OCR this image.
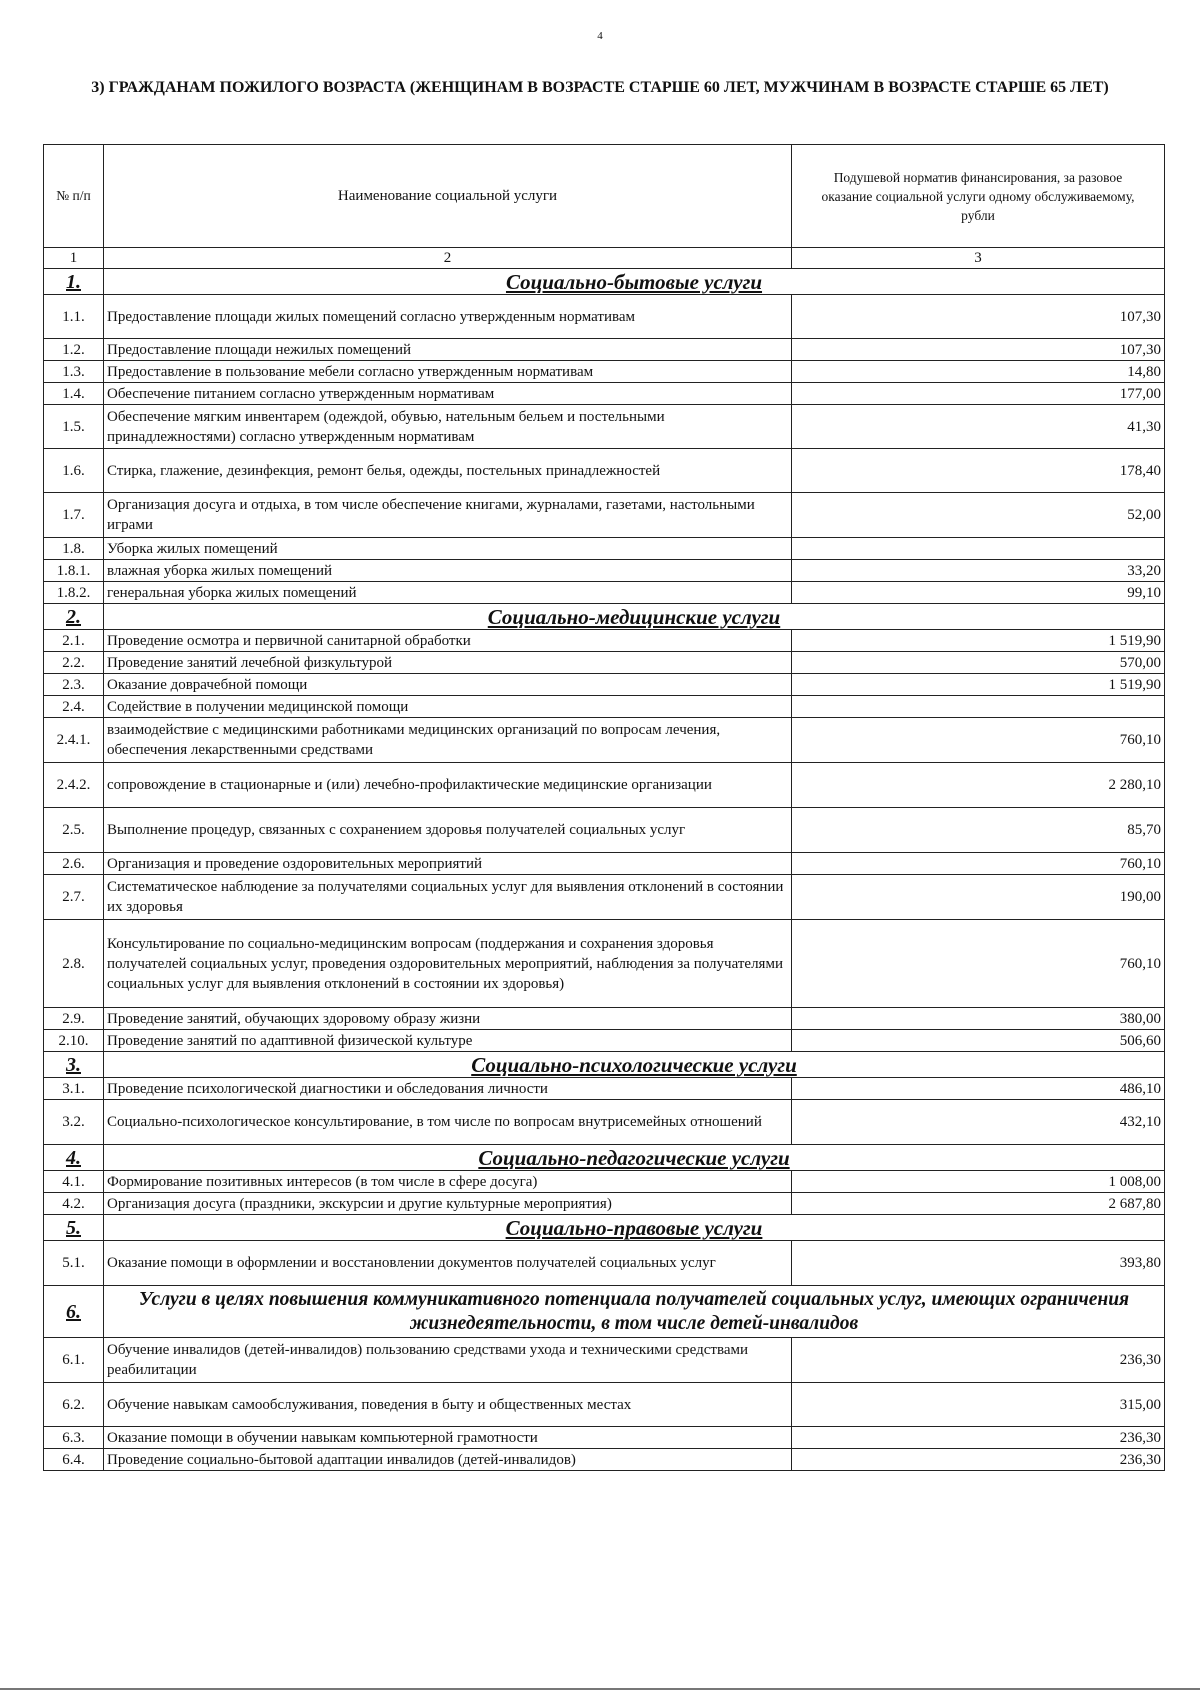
4
3) ГРАЖДАНАМ ПОЖИЛОГО ВОЗРАСТА (ЖЕНЩИНАМ В ВОЗРАСТЕ СТАРШЕ 60 ЛЕТ, МУЖЧИНАМ В ВОЗРАСТЕ СТАРШЕ 65 ЛЕТ)
№ п/п	Наименование социальной услуги	Подушевой норматив финансирования, за разовое оказание социальной услуги одному обслуживаемому, рубли
1	2	3
1.	Социально-бытовые услуги	
1.1.	Предоставление площади жилых помещений согласно утвержденным нормативам	107,30
1.2.	Предоставление площади нежилых помещений	107,30
1.3.	Предоставление в пользование мебели согласно утвержденным нормативам	14,80
1.4.	Обеспечение питанием согласно утвержденным нормативам	177,00
1.5.	Обеспечение мягким инвентарем (одеждой, обувью, нательным бельем и постельными принадлежностями) согласно утвержденным нормативам	41,30
1.6.	Стирка, глажение, дезинфекция, ремонт белья, одежды, постельных принадлежностей	178,40
1.7.	Организация досуга и отдыха, в том числе обеспечение книгами, журналами, газетами, настольными играми	52,00
1.8.	Уборка жилых помещений	
1.8.1.	влажная уборка жилых помещений	33,20
1.8.2.	генеральная уборка жилых помещений	99,10
2.	Социально-медицинские услуги	
2.1.	Проведение осмотра и первичной санитарной обработки	1 519,90
2.2.	Проведение занятий лечебной физкультурой	570,00
2.3.	Оказание доврачебной помощи	1 519,90
2.4.	Содействие в получении медицинской помощи	
2.4.1.	взаимодействие с медицинскими работниками медицинских организаций по вопросам лечения, обеспечения лекарственными средствами	760,10
2.4.2.	сопровождение в стационарные и (или) лечебно-профилактические медицинские организации	2 280,10
2.5.	Выполнение процедур, связанных с сохранением здоровья получателей социальных услуг	85,70
2.6.	Организация и проведение оздоровительных мероприятий	760,10
2.7.	Систематическое наблюдение за получателями социальных услуг для выявления отклонений в состоянии их здоровья	190,00
2.8.	Консультирование по социально-медицинским вопросам (поддержания и сохранения здоровья получателей социальных услуг, проведения оздоровительных мероприятий, наблюдения за получателями социальных услуг для выявления отклонений в состоянии их здоровья)	760,10
2.9.	Проведение занятий, обучающих здоровому образу жизни	380,00
2.10.	Проведение занятий по адаптивной физической культуре	506,60
3.	Социально-психологические услуги	
3.1.	Проведение психологической диагностики и обследования личности	486,10
3.2.	Социально-психологическое консультирование, в том числе по вопросам внутрисемейных отношений	432,10
4.	Социально-педагогические услуги	
4.1.	Формирование позитивных интересов (в том числе в сфере досуга)	1 008,00
4.2.	Организация досуга (праздники, экскурсии и другие культурные мероприятия)	2 687,80
5.	Социально-правовые услуги	
5.1.	Оказание помощи в оформлении и восстановлении документов получателей социальных услуг	393,80
6.	Услуги в целях повышения коммуникативного потенциала получателей социальных услуг, имеющих ограничения жизнедеятельности, в том числе детей-инвалидов	
6.1.	Обучение инвалидов (детей-инвалидов) пользованию средствами ухода и техническими средствами реабилитации	236,30
6.2.	Обучение навыкам самообслуживания, поведения в быту и общественных местах	315,00
6.3.	Оказание помощи в обучении навыкам компьютерной грамотности	236,30
6.4.	Проведение социально-бытовой адаптации инвалидов (детей-инвалидов)	236,30
